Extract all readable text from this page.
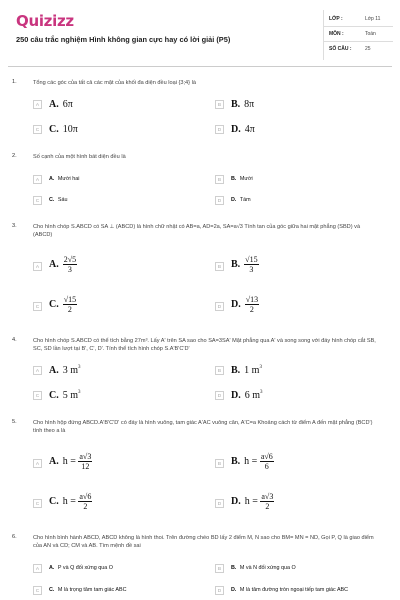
Quizizz
250 câu trắc nghiệm Hình không gian cực hay có lời giải (P5)
LỚP :	Lớp 11
MÔN :	Toán
SỐ CÂU :	25
1.	Tổng các góc của tất cả các mặt của khối đa diện đều loại {3;4} là
A A. 6π	B B. 8π
C C. 10π	D D. 4π
2.	Số cạnh của một hình bát diện đều là
A	A. Mười hai	B	B. Mười
C	C. Sáu	D	D. Tám
3.	Cho hình chóp S.ABCD có SA ⊥ (ABCD) là hình chữ nhật có AB=a, AD=2a, SA=a√3 Tính tan của góc giữa hai mặt phẳng (SBD) và (ABCD)
A A. $\frac{2√5}{3}$	B B. $\frac{√15}{3}$
C C. $\frac{√15}{2}$	D D. $\frac{√13}{2}$
4.	Cho hình chóp S.ABCD có thể tích bằng 27m³. Lấy A' trên SA sao cho SA=3SA' Mặt phẳng qua A' và song song với đáy hình chóp cắt SB, SC, SD lần lượt tại B', C', D'. Tính thể tích hình chóp S.A'B'C'D'
A A. 3 $m^3$
B B. 1 $m^3$
C C. 5 $m^3$
D D. 6 $m^3$
5.	Cho hình hộp đứng ABCD.A'B'C'D' có đáy là hình vuông, tam giác A'AC vuông cân, A'C=a Khoảng cách từ điểm A đến mặt phẳng (BCD') tính theo a là
A A. $h = \frac{a√3}{12}$	B B. $h = \frac{a√6}{6}$
C C. $h = \frac{a√6}{2}$	D D. $h = \frac{a√3}{2}$
6.	Cho hình bình hành ABCD, ABCD không là hình thoi. Trên đường chéo BD lấy 2 điểm M, N sao cho BM= MN = ND, Gọi P, Q là giao điểm của AN và CD; CM và AB. Tìm mệnh đề sai
A	A. P và Q đối xứng qua O	B	B. M và N đối xứng qua O
C	C. M là trọng tâm tam giác ABC	D	D. M là tâm đường tròn ngoại tiếp tam giác ABC
